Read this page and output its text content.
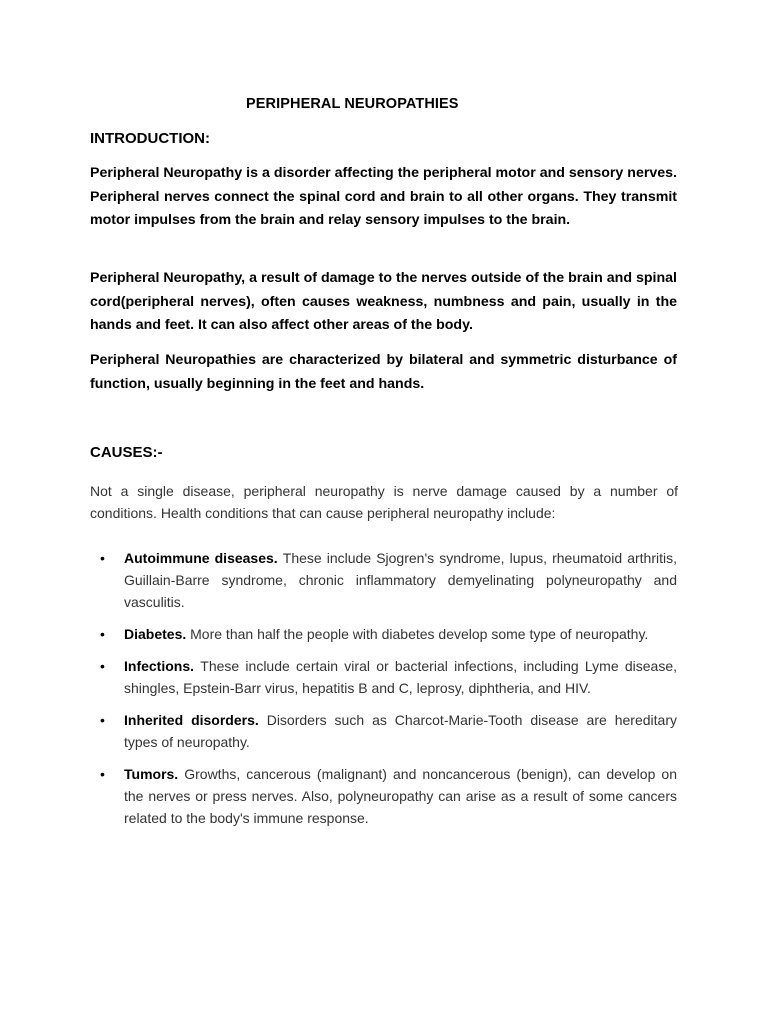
PERIPHERAL NEUROPATHIES
INTRODUCTION:

Peripheral Neuropathy is a disorder affecting the peripheral motor and sensory nerves. Peripheral nerves connect the spinal cord and brain to all other organs. They transmit motor impulses from the brain and relay sensory impulses to the brain.

Peripheral Neuropathy, a result of damage to the nerves outside of the brain and spinal cord(peripheral nerves), often causes weakness, numbness and pain, usually in the hands and feet. It can also affect other areas of the body.

Peripheral Neuropathies are characterized by bilateral and symmetric disturbance of function, usually beginning in the feet and hands.

CAUSES:-

Not a single disease, peripheral neuropathy is nerve damage caused by a number of conditions. Health conditions that can cause peripheral neuropathy include:

• Autoimmune diseases. These include Sjogren's syndrome, lupus, rheumatoid arthritis, Guillain-Barre syndrome, chronic inflammatory demyelinating polyneuropathy and vasculitis.
• Diabetes. More than half the people with diabetes develop some type of neuropathy.
• Infections. These include certain viral or bacterial infections, including Lyme disease, shingles, Epstein-Barr virus, hepatitis B and C, leprosy, diphtheria, and HIV.
• Inherited disorders. Disorders such as Charcot-Marie-Tooth disease are hereditary types of neuropathy.
• Tumors. Growths, cancerous (malignant) and noncancerous (benign), can develop on the nerves or press nerves. Also, polyneuropathy can arise as a result of some cancers related to the body's immune response.
